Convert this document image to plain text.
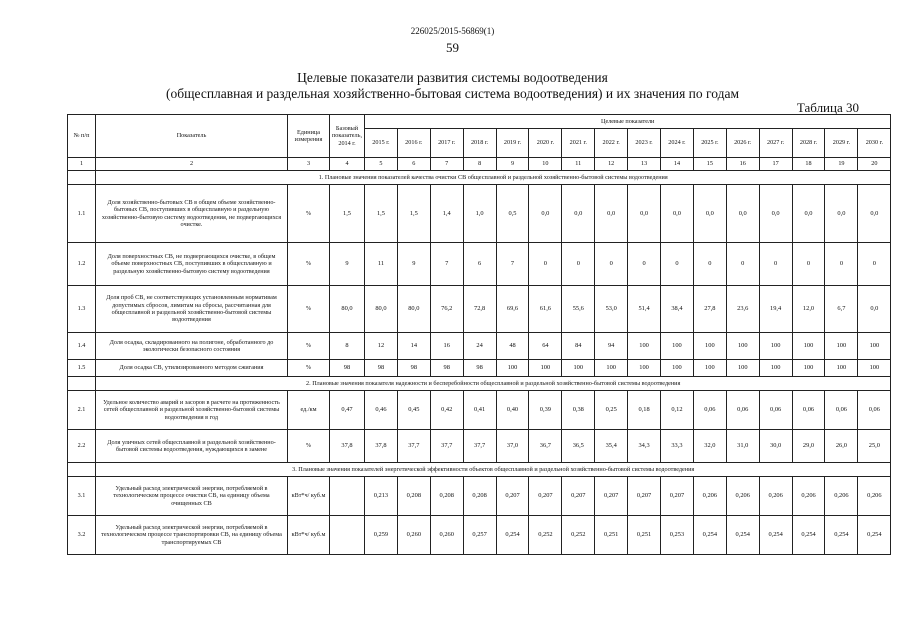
226025/2015-56869(1)
59
Целевые показатели развития системы водоотведения
(общесплавная и раздельная хозяйственно-бытовая система водоотведения) и их значения по годам
Таблица 30
№ п/п	Показатель	Единица измерения	Базовый показатель, 2014 г.	Целевые показатели															
				2015 г.	2016 г.	2017 г.	2018 г.	2019 г.	2020 г.	2021 г.	2022 г.	2023 г.	2024 г.	2025 г.	2026 г.	2027 г.	2028 г.	2029 г.	2030 г.
1	2	3	4	5	6	7	8	9	10	11	12	13	14	15	16	17	18	19	20
	1. Плановые значения показателей качества очистки СВ общесплавной и раздельной хозяйственно-бытовой системы водоотведения																		
1.1	Доля хозяйственно-бытовых СВ в общем объеме хозяйственно-бытовых СВ, поступивших в общесплавную и раздельную хозяйственно-бытовую систему водоотведения, не подвергающихся очистке.	%	1,5	1,5	1,5	1,4	1,0	0,5	0,0	0,0	0,0	0,0	0,0	0,0	0,0	0,0	0,0	0,0	0,0
1.2	Доля поверхностных СВ, не подвергающихся очистке, в общем объеме поверхностных СВ, поступивших в общесплавную и раздельную хозяйственно-бытовую систему водоотведения	%	9	11	9	7	6	7	0	0	0	0	0	0	0	0	0	0	0
1.3	Доля проб СВ, не соответствующих установленным нормативам допустимых сбросов, лимитам на сбросы, рассчитанная для общесплавной и раздельной хозяйственно-бытовой системы водоотведения	%	80,0	80,0	80,0	76,2	72,8	69,6	61,6	55,6	53,0	51,4	38,4	27,8	23,6	19,4	12,0	6,7	0,0
1.4	Доля осадка, складированного на полигоне, обработанного до экологически безопасного состояния	%	8	12	14	16	24	48	64	84	94	100	100	100	100	100	100	100	100
1.5	Доля осадка СВ, утилизированного методом сжигания	%	98	98	98	98	98	100	100	100	100	100	100	100	100	100	100	100	100
	2. Плановые значения показателя надежности и бесперебойности общесплавной и раздельной хозяйственно-бытовой системы водоотведения																		
2.1	Удельное количество аварий и засоров в расчете на протяженность сетей общесплавной и раздельной хозяйственно-бытовой системы водоотведения в год	ед./км	0,47	0,46	0,45	0,42	0,41	0,40	0,39	0,38	0,25	0,18	0,12	0,06	0,06	0,06	0,06	0,06	0,06
2.2	Доля уличных сетей общесплавной и раздельной хозяйственно-бытовой системы водоотведения, нуждающихся в замене	%	37,8	37,8	37,7	37,7	37,7	37,0	36,7	36,5	35,4	34,3	33,3	32,0	31,0	30,0	29,0	26,0	25,0
	3. Плановые значения показателей энергетической эффективности объектов общесплавной и раздельной хозяйственно-бытовой системы водоотведения																		
3.1	Удельный расход электрической энергии, потребляемой в технологическом процессе очистки СВ, на единицу объема очищенных СВ	кВт*ч/ куб.м		0,213	0,208	0,208	0,208	0,207	0,207	0,207	0,207	0,207	0,207	0,206	0,206	0,206	0,206	0,206	0,206
3.2	Удельный расход электрической энергии, потребляемой в технологическом процессе транспортировки СВ, на единицу объема транспортируемых СВ	кВт*ч/ куб.м		0,259	0,260	0,260	0,257	0,254	0,252	0,252	0,251	0,251	0,253	0,254	0,254	0,254	0,254	0,254	0,254
